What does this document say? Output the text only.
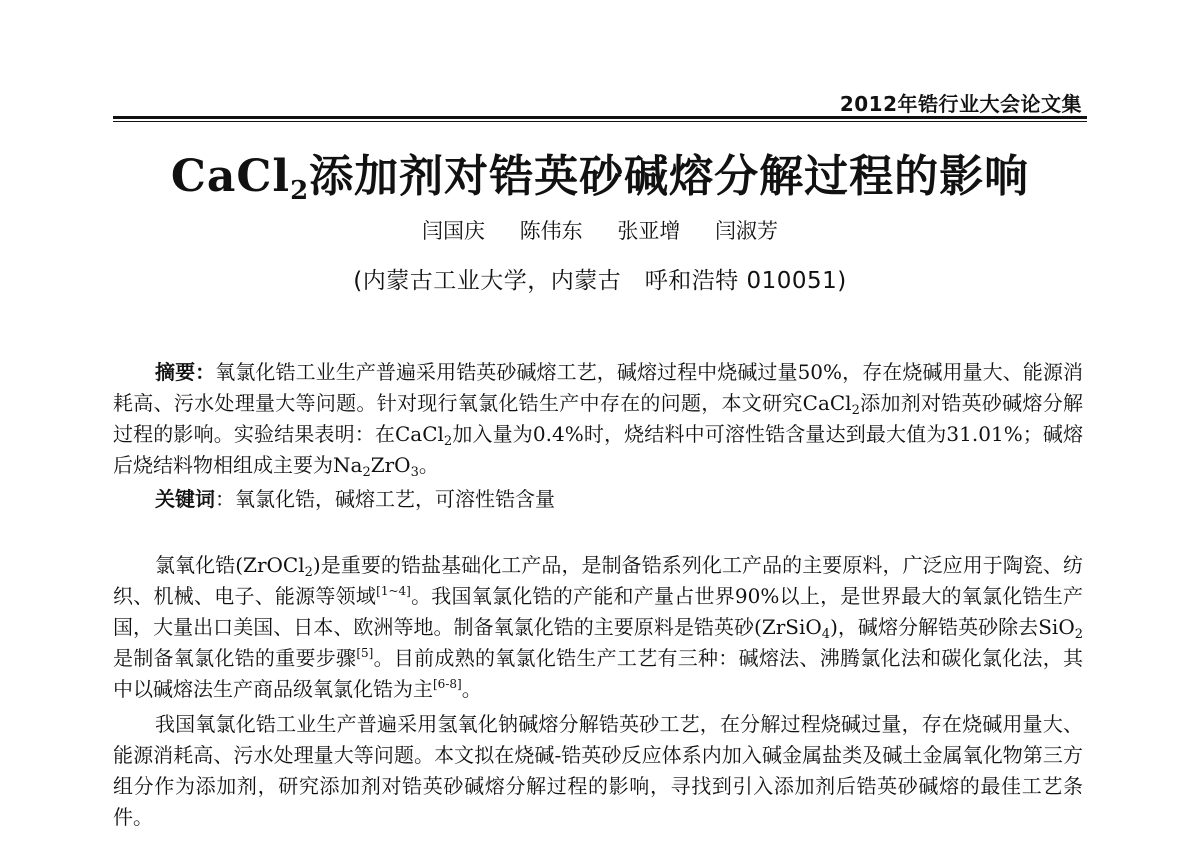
2012年锆行业大会论文集
CaCl$_2$添加剂对锆英砂碱熔分解过程的影响
闫国庆 陈伟东 张亚增 闫淑芳
(内蒙古工业大学，内蒙古　呼和浩特 010051)

摘要：氧氯化锆工业生产普遍采用锆英砂碱熔工艺，碱熔过程中烧碱过量50%，存在烧碱用量大、能源消耗高、污水处理量大等问题。针对现行氧氯化锆生产中存在的问题，本文研究CaCl$_2$添加剂对锆英砂碱熔分解过程的影响。实验结果表明：在CaCl$_2$加入量为0.4%时，烧结料中可溶性锆含量达到最大值为31.01%；碱熔后烧结料物相组成主要为$Na_2ZrO_3$。

关键词：氧氯化锆，碱熔工艺，可溶性锆含量

氯氧化锆(ZrOCl$_2$)是重要的锆盐基础化工产品，是制备锆系列化工产品的主要原料，广泛应用于陶瓷、纺织、机械、电子、能源等领域[1~4]。我国氧氯化锆的产能和产量占世界90%以上，是世界最大的氧氯化锆生产国，大量出口美国、日本、欧洲等地。制备氧氯化锆的主要原料是锆英砂(ZrSiO$_4$)，碱熔分解锆英砂除去SiO$_2$是制备氧氯化锆的重要步骤[5]。目前成熟的氧氯化锆生产工艺有三种：碱熔法、沸腾氯化法和碳化氯化法，其中以碱熔法生产商品级氧氯化锆为主[6-8]。

我国氧氯化锆工业生产普遍采用氢氧化钠碱熔分解锆英砂工艺，在分解过程烧碱过量，存在烧碱用量大、能源消耗高、污水处理量大等问题。本文拟在烧碱-锆英砂反应体系内加入碱金属盐类及碱土金属氧化物第三方组分作为添加剂，研究添加剂对锆英砂碱熔分解过程的影响，寻找到引入添加剂后锆英砂碱熔的最佳工艺条件。
